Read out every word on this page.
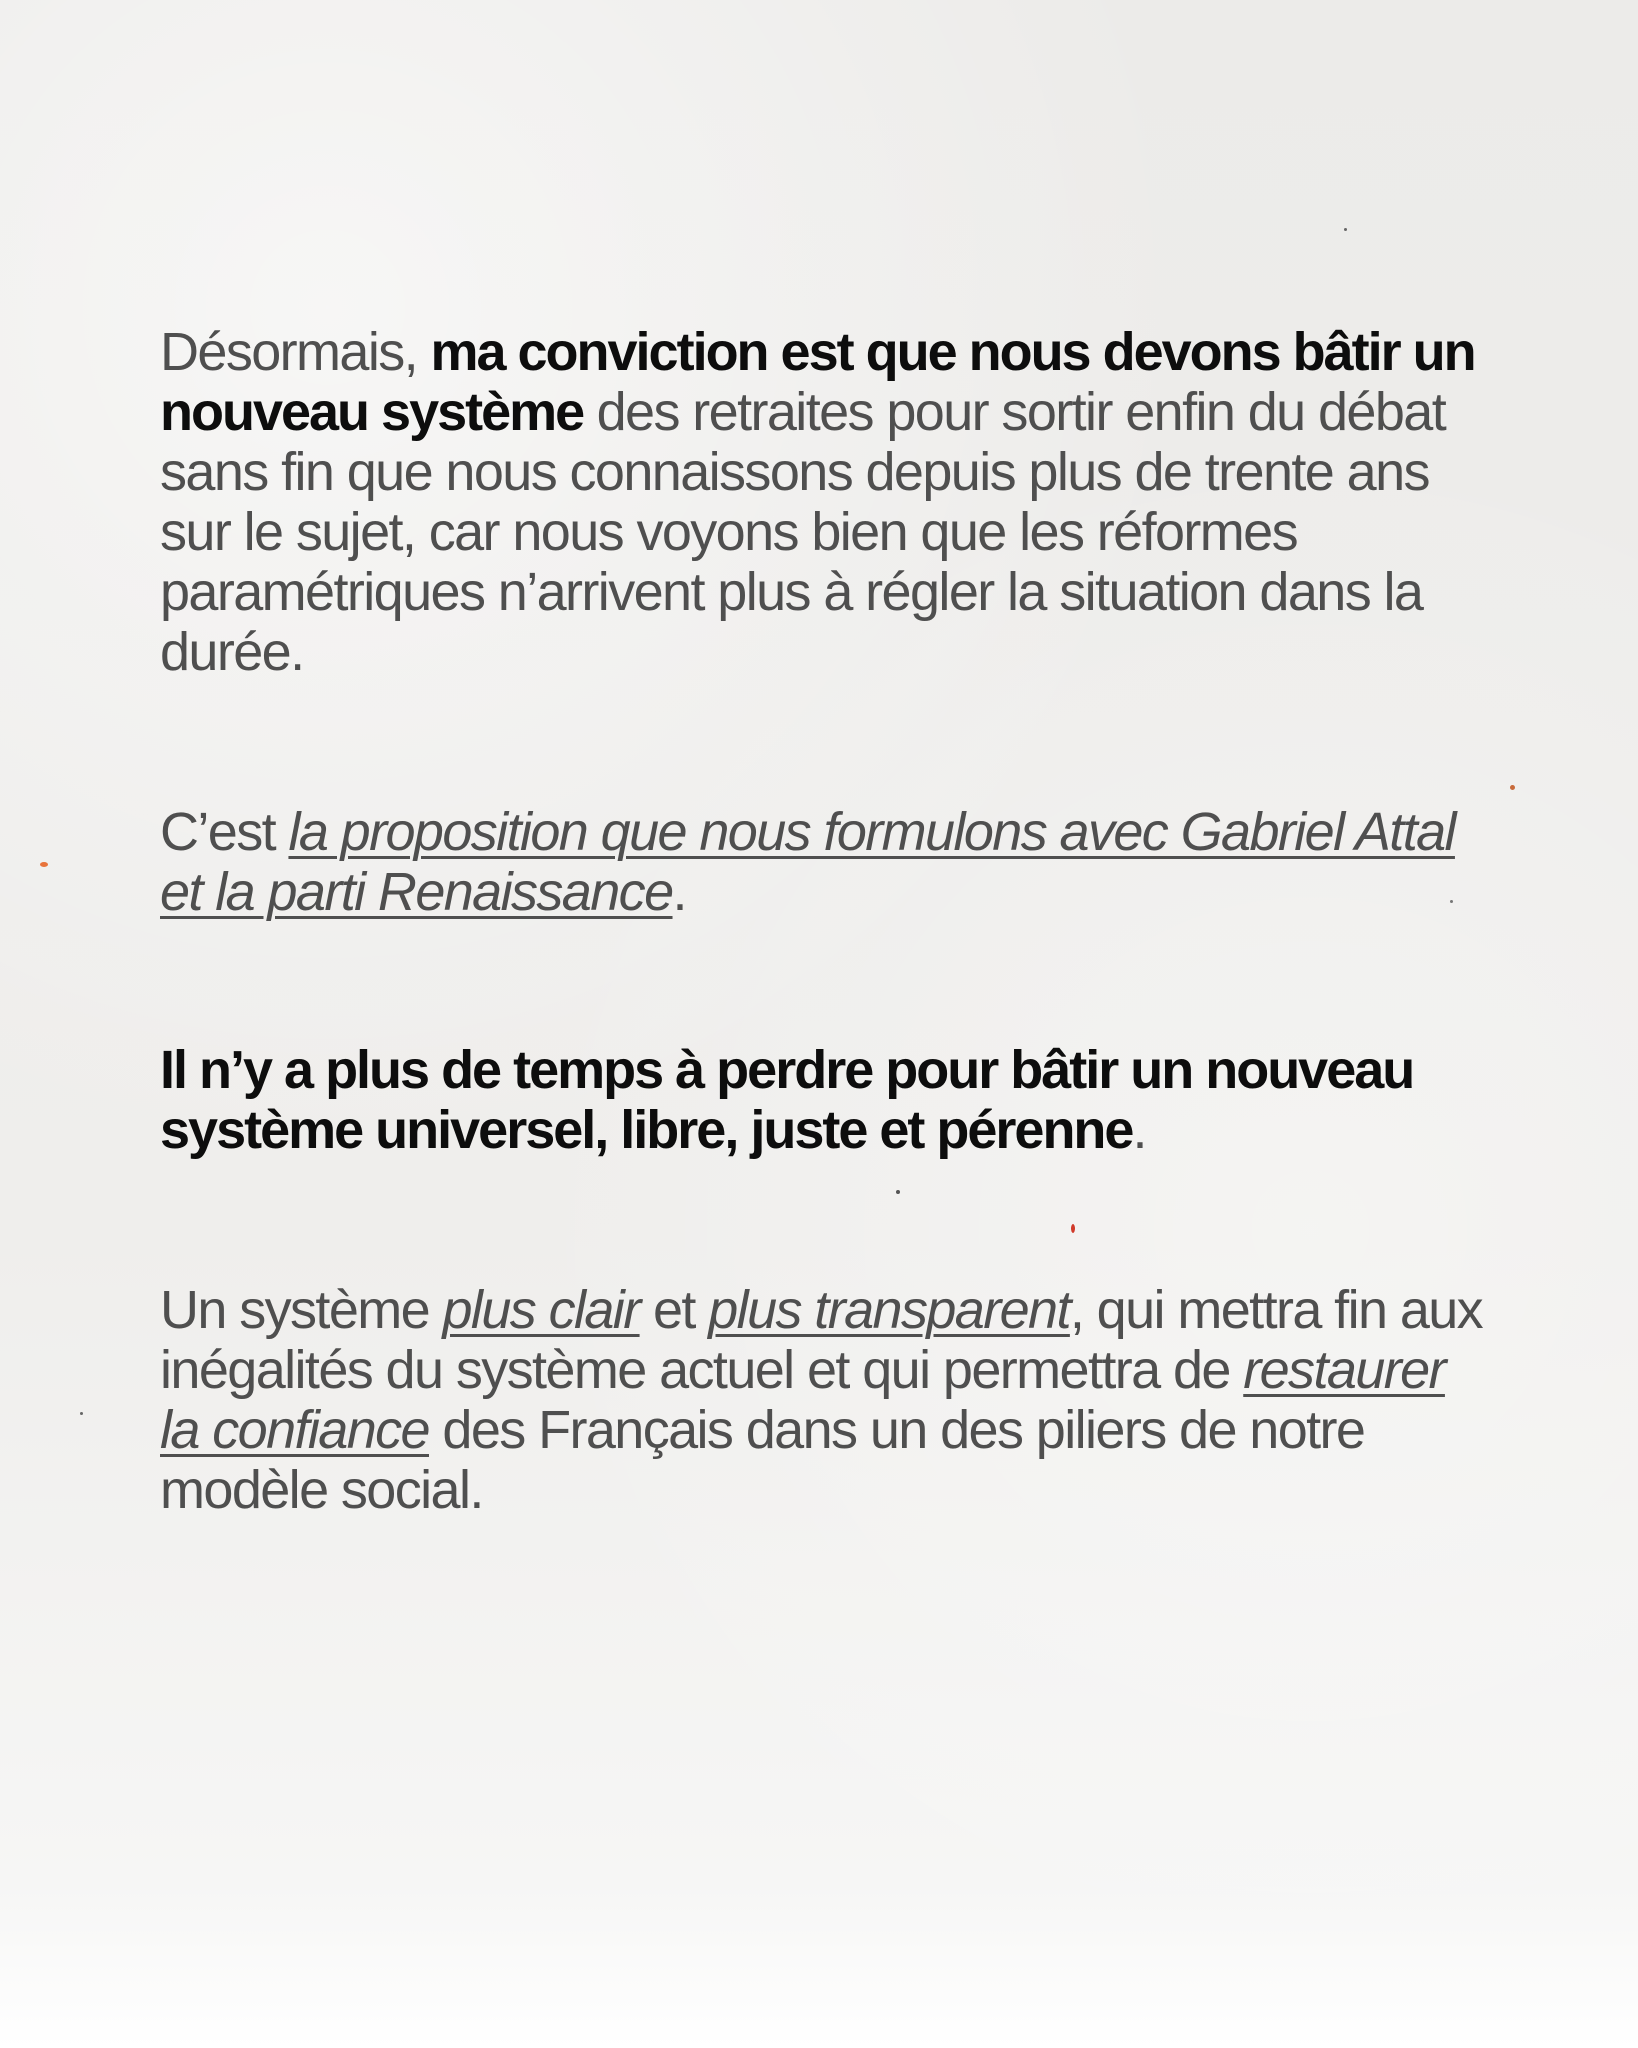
Désormais, ma conviction est que nous devons bâtir un nouveau système des retraites pour sortir enfin du débat sans fin que nous connaissons depuis plus de trente ans sur le sujet, car nous voyons bien que les réformes paramétriques n’arrivent plus à régler la situation dans la durée.

C’est la proposition que nous formulons avec Gabriel Attal et la parti Renaissance.

Il n’y a plus de temps à perdre pour bâtir un nouveau système universel, libre, juste et pérenne.

Un système plus clair et plus transparent, qui mettra fin aux inégalités du système actuel et qui permettra de restaurer la confiance des Français dans un des piliers de notre modèle social.
